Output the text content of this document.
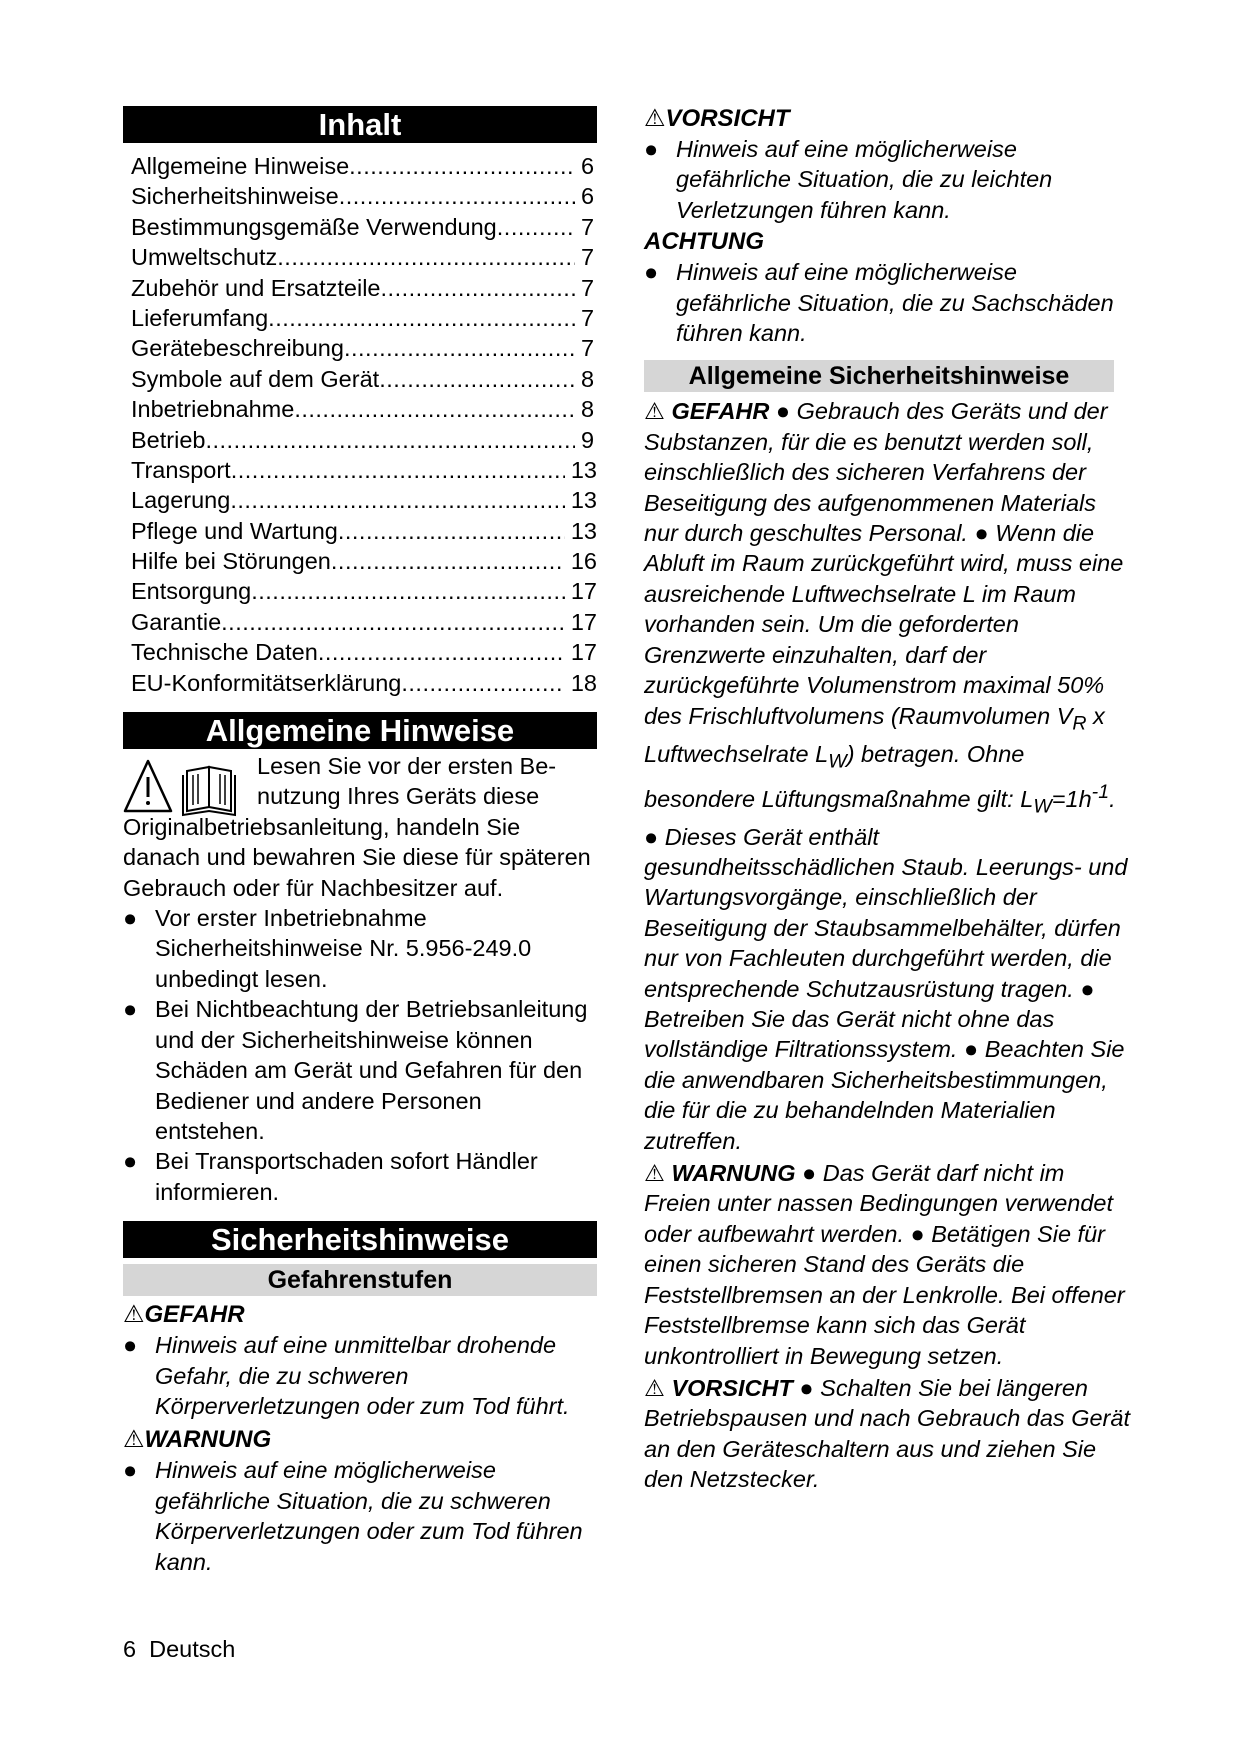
Inhalt
Allgemeine Hinweise .....	6
Sicherheitshinweise .....	6
Bestimmungsgemäße Verwendung .....	7
Umweltschutz .....	7
Zubehör und Ersatzteile .....	7
Lieferumfang .....	7
Gerätebeschreibung .....	7
Symbole auf dem Gerät .....	8
Inbetriebnahme .....	8
Betrieb .....	9
Transport .....	13
Lagerung .....	13
Pflege und Wartung .....	13
Hilfe bei Störungen .....	16
Entsorgung .....	17
Garantie .....	17
Technische Daten .....	17
EU-Konformitätserklärung .....	18
Allgemeine Hinweise
Lesen Sie vor der ersten Be-
nutzung Ihres Geräts diese
Originalbetriebsanleitung, handeln Sie danach und bewahren Sie diese für späteren Gebrauch oder für Nachbesitzer auf.
● Vor erster Inbetriebnahme Sicherheitshinweise Nr. 5.956-249.0 unbedingt lesen.
● Bei Nichtbeachtung der Betriebsanleitung und der Sicherheitshinweise können Schäden am Gerät und Gefahren für den Bediener und andere Personen entstehen.
● Bei Transportschaden sofort Händler informieren.
Sicherheitshinweise
Gefahrenstufen
⚠GEFAHR
● Hinweis auf eine unmittelbar drohende Gefahr, die zu schweren Körperverletzungen oder zum Tod führt.
⚠WARNUNG
● Hinweis auf eine möglicherweise gefährliche Situation, die zu schweren Körperverletzungen oder zum Tod führen kann.
⚠VORSICHT
● Hinweis auf eine möglicherweise gefährliche Situation, die zu leichten Verletzungen führen kann.
ACHTUNG
● Hinweis auf eine möglicherweise gefährliche Situation, die zu Sachschäden führen kann.
Allgemeine Sicherheitshinweise
⚠ GEFAHR ● Gebrauch des Geräts und der Substanzen, für die es benutzt werden soll, einschließlich des sicheren Verfahrens der Beseitigung des aufgenommenen Materials nur durch geschultes Personal. ● Wenn die Abluft im Raum zurückgeführt wird, muss eine ausreichende Luftwechselrate L im Raum vorhanden sein. Um die geforderten Grenzwerte einzuhalten, darf der zurückgeführte Volumenstrom maximal 50% des Frischluftvolumens (Raumvolumen $V_R$ x Luftwechselrate $L_W$) betragen. Ohne besondere Lüftungsmaßnahme gilt: $L_W=1h^{-1}$. ● Dieses Gerät enthält gesundheitsschädlichen Staub. Leerungs- und Wartungsvorgänge, einschließlich der Beseitigung der Staubsammelbehälter, dürfen nur von Fachleuten durchgeführt werden, die entsprechende Schutzausrüstung tragen. ● Betreiben Sie das Gerät nicht ohne das vollständige Filtrationssystem. ● Beachten Sie die anwendbaren Sicherheitsbestimmungen, die für die zu behandelnden Materialien zutreffen.
⚠ WARNUNG ● Das Gerät darf nicht im Freien unter nassen Bedingungen verwendet oder aufbewahrt werden. ● Betätigen Sie für einen sicheren Stand des Geräts die Feststellbremsen an der Lenkrolle. Bei offener Feststellbremse kann sich das Gerät unkontrolliert in Bewegung setzen.
⚠ VORSICHT ● Schalten Sie bei längeren Betriebspausen und nach Gebrauch das Gerät an den Geräteschaltern aus und ziehen Sie den Netzstecker.
6 Deutsch
